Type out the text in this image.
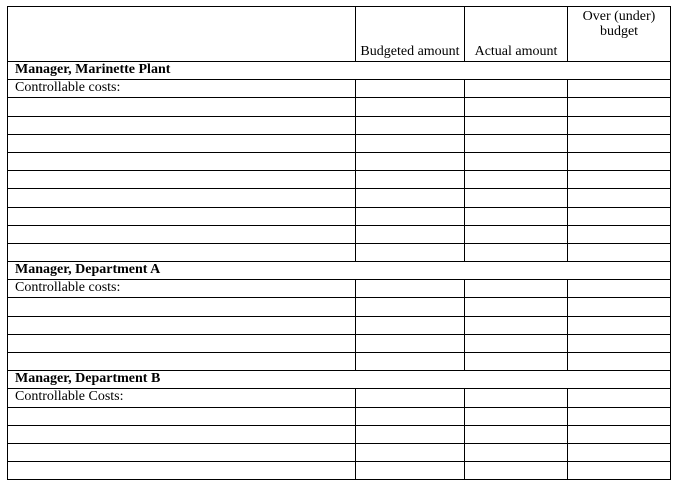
	Budgeted amount	Actual amount	Over (under) budget

Manager, Marinette Plant			
Controllable costs:			

Manager, Department A			
Controllable costs:			

Manager, Department B			
Controllable Costs:			
